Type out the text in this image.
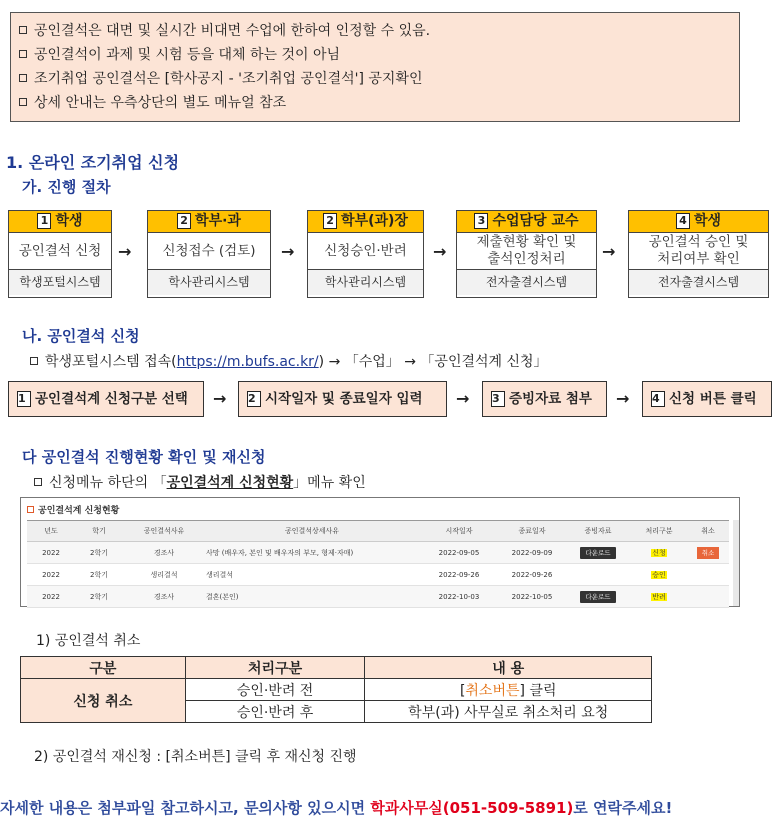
공인결석은 대면 및 실시간 비대면 수업에 한하여 인정할 수 있음.
공인결석이 과제 및 시험 등을 대체 하는 것이 아님
조기취업 공인결석은 [학사공지 - '조기취업 공인결석'] 공지확인
상세 안내는 우측상단의 별도 메뉴얼 참조
1. 온라인 조기취업 신청
가. 진행 절차
1 학생
공인결석 신청
학생포털시스템
→
2 학부·과
신청접수 (검토)
학사관리시스템
→
2 학부(과)장
신청승인·반려
학사관리시스템
→
3 수업담당 교수
제출현황 확인 및
출석인정처리
전자출결시스템
→
4 학생
공인결석 승인 및
처리여부 확인
전자출결시스템
나. 공인결석 신청
학생포털시스템 접속(https://m.bufs.ac.kr/) → 「수업」 → 「공인결석계 신청」
1 공인결석계 신청구분 선택	→	2 시작일자 및 종료일자 입력	→	3 증빙자료 첨부	→	4 신청 버튼 클릭
다 공인결석 진행현황 확인 및 재신청
신청메뉴 하단의 「공인결석계 신청현황」메뉴 확인
공인결석계 신청현황
년도	학기	공인결석사유	공인결석상세사유	시작일자	종료일자	증빙자료	처리구분	취소
2022	2학기	경조사	사망 (배우자, 본인 및 배우자의 부모, 형제·자매)	2022-09-05	2022-09-09	다운로드	신청	취소
2022	2학기	생리결석	생리결석	2022-09-26	2022-09-26		승인	
2022	2학기	경조사	결혼(본인)	2022-10-03	2022-10-05	다운로드	반려	
1) 공인결석 취소
구분	처리구분	내 용
신청 취소	승인·반려 전	[취소버튼] 클릭
	승인·반려 후	학부(과) 사무실로 취소처리 요청
2) 공인결석 재신청 : [취소버튼] 클릭 후 재신청 진행
자세한 내용은 첨부파일 참고하시고, 문의사항 있으시면 학과사무실(051-509-5891)로 연락주세요!
